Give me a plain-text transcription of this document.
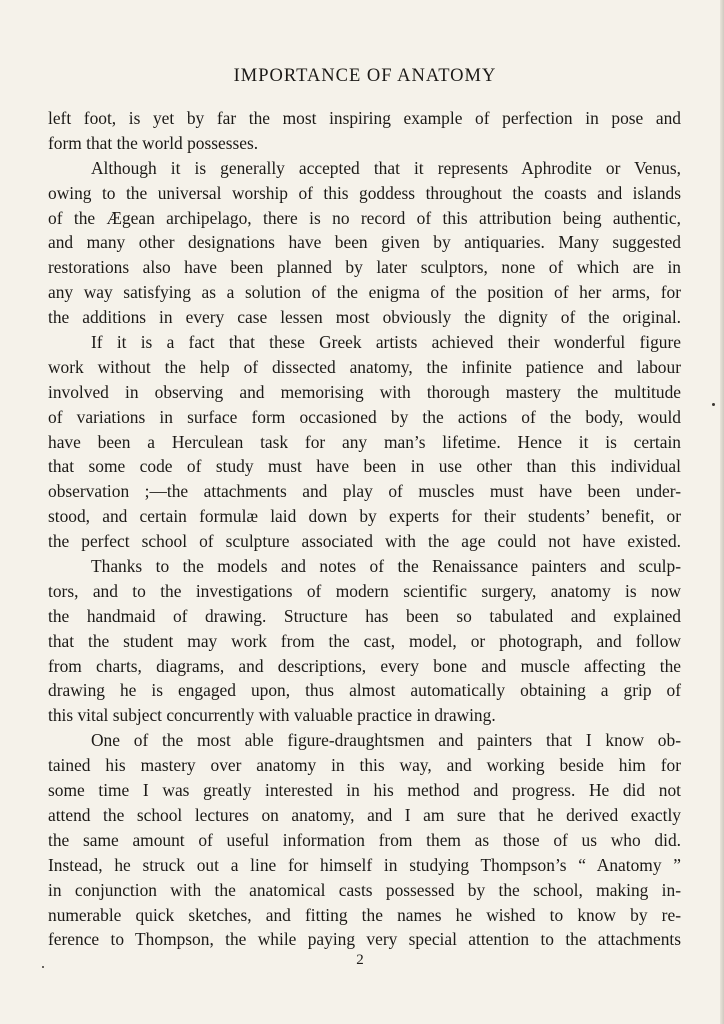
IMPORTANCE OF ANATOMY
left foot, is yet by far the most inspiring example of perfection in pose and
form that the world possesses.
Although it is generally accepted that it represents Aphrodite or Venus,
owing to the universal worship of this goddess throughout the coasts and islands
of the Ægean archipelago, there is no record of this attribution being authentic,
and many other designations have been given by antiquaries. Many suggested
restorations also have been planned by later sculptors, none of which are in
any way satisfying as a solution of the enigma of the position of her arms, for
the additions in every case lessen most obviously the dignity of the original.
If it is a fact that these Greek artists achieved their wonderful figure
work without the help of dissected anatomy, the infinite patience and labour
involved in observing and memorising with thorough mastery the multitude
of variations in surface form occasioned by the actions of the body, would
have been a Herculean task for any man’s lifetime. Hence it is certain
that some code of study must have been in use other than this individual
observation ;—the attachments and play of muscles must have been under-
stood, and certain formulæ laid down by experts for their students’ benefit, or
the perfect school of sculpture associated with the age could not have existed.
Thanks to the models and notes of the Renaissance painters and sculp-
tors, and to the investigations of modern scientific surgery, anatomy is now
the handmaid of drawing. Structure has been so tabulated and explained
that the student may work from the cast, model, or photograph, and follow
from charts, diagrams, and descriptions, every bone and muscle affecting the
drawing he is engaged upon, thus almost automatically obtaining a grip of
this vital subject concurrently with valuable practice in drawing.
One of the most able figure-draughtsmen and painters that I know ob-
tained his mastery over anatomy in this way, and working beside him for
some time I was greatly interested in his method and progress. He did not
attend the school lectures on anatomy, and I am sure that he derived exactly
the same amount of useful information from them as those of us who did.
Instead, he struck out a line for himself in studying Thompson’s “ Anatomy ”
in conjunction with the anatomical casts possessed by the school, making in-
numerable quick sketches, and fitting the names he wished to know by re-
ference to Thompson, the while paying very special attention to the attachments
2
